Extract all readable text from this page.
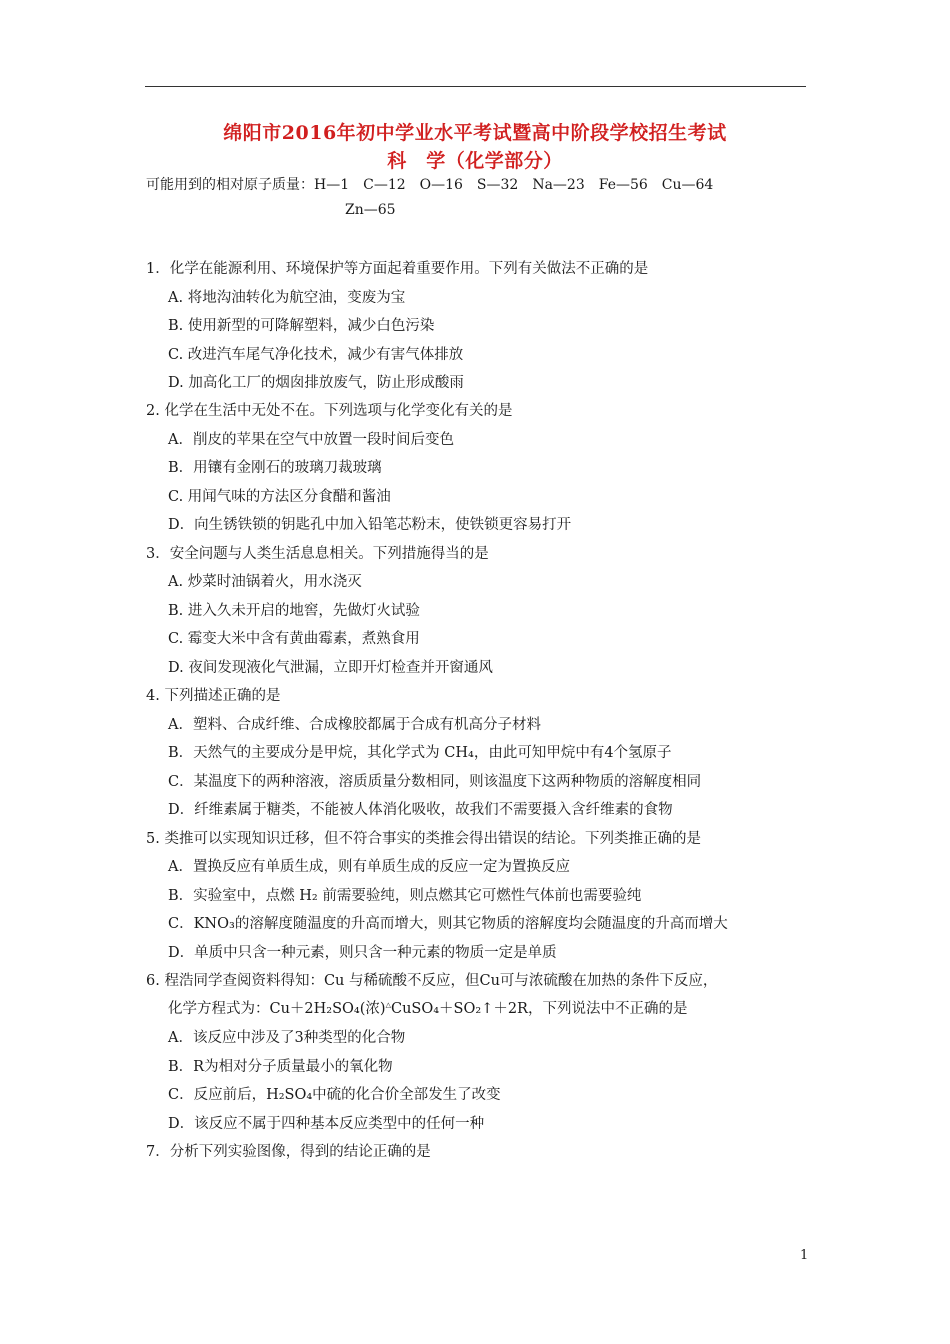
绵阳市2016年初中学业水平考试暨高中阶段学校招生考试
科　学（化学部分）
可能用到的相对原子质量：H—1　C—12　O—16　S—32　Na—23　Fe—56　Cu—64
Zn—65
1．化学在能源利用、环境保护等方面起着重要作用。下列有关做法不正确的是
A. 将地沟油转化为航空油，变废为宝
B. 使用新型的可降解塑料，减少白色污染
C. 改进汽车尾气净化技术，减少有害气体排放
D. 加高化工厂的烟囱排放废气，防止形成酸雨
2. 化学在生活中无处不在。下列选项与化学变化有关的是
A．削皮的苹果在空气中放置一段时间后变色
B．用镶有金刚石的玻璃刀裁玻璃
C. 用闻气味的方法区分食醋和酱油
D．向生锈铁锁的钥匙孔中加入铅笔芯粉末，使铁锁更容易打开
3．安全问题与人类生活息息相关。下列措施得当的是
A. 炒菜时油锅着火，用水浇灭
B. 进入久未开启的地窖，先做灯火试验
C. 霉变大米中含有黄曲霉素，煮熟食用
D. 夜间发现液化气泄漏，立即开灯检查并开窗通风
4. 下列描述正确的是
A．塑料、合成纤维、合成橡胶都属于合成有机高分子材料
B．天然气的主要成分是甲烷，其化学式为 CH₄，由此可知甲烷中有4个氢原子
C．某温度下的两种溶液，溶质质量分数相同，则该温度下这两种物质的溶解度相同
D．纤维素属于糖类，不能被人体消化吸收，故我们不需要摄入含纤维素的食物
5. 类推可以实现知识迁移，但不符合事实的类推会得出错误的结论。下列类推正确的是
A．置换反应有单质生成，则有单质生成的反应一定为置换反应
B．实验室中，点燃 H₂ 前需要验纯，则点燃其它可燃性气体前也需要验纯
C．KNO₃的溶解度随温度的升高而增大，则其它物质的溶解度均会随温度的升高而增大
D．单质中只含一种元素，则只含一种元素的物质一定是单质
6. 程浩同学查阅资料得知：Cu 与稀硫酸不反应，但Cu可与浓硫酸在加热的条件下反应，
化学方程式为：Cu＋2H₂SO₄(浓)△CuSO₄＋SO₂↑＋2R，下列说法中不正确的是
A．该反应中涉及了3种类型的化合物
B．R为相对分子质量最小的氧化物
C．反应前后，H₂SO₄中硫的化合价全部发生了改变
D．该反应不属于四种基本反应类型中的任何一种
7．分析下列实验图像，得到的结论正确的是
1
